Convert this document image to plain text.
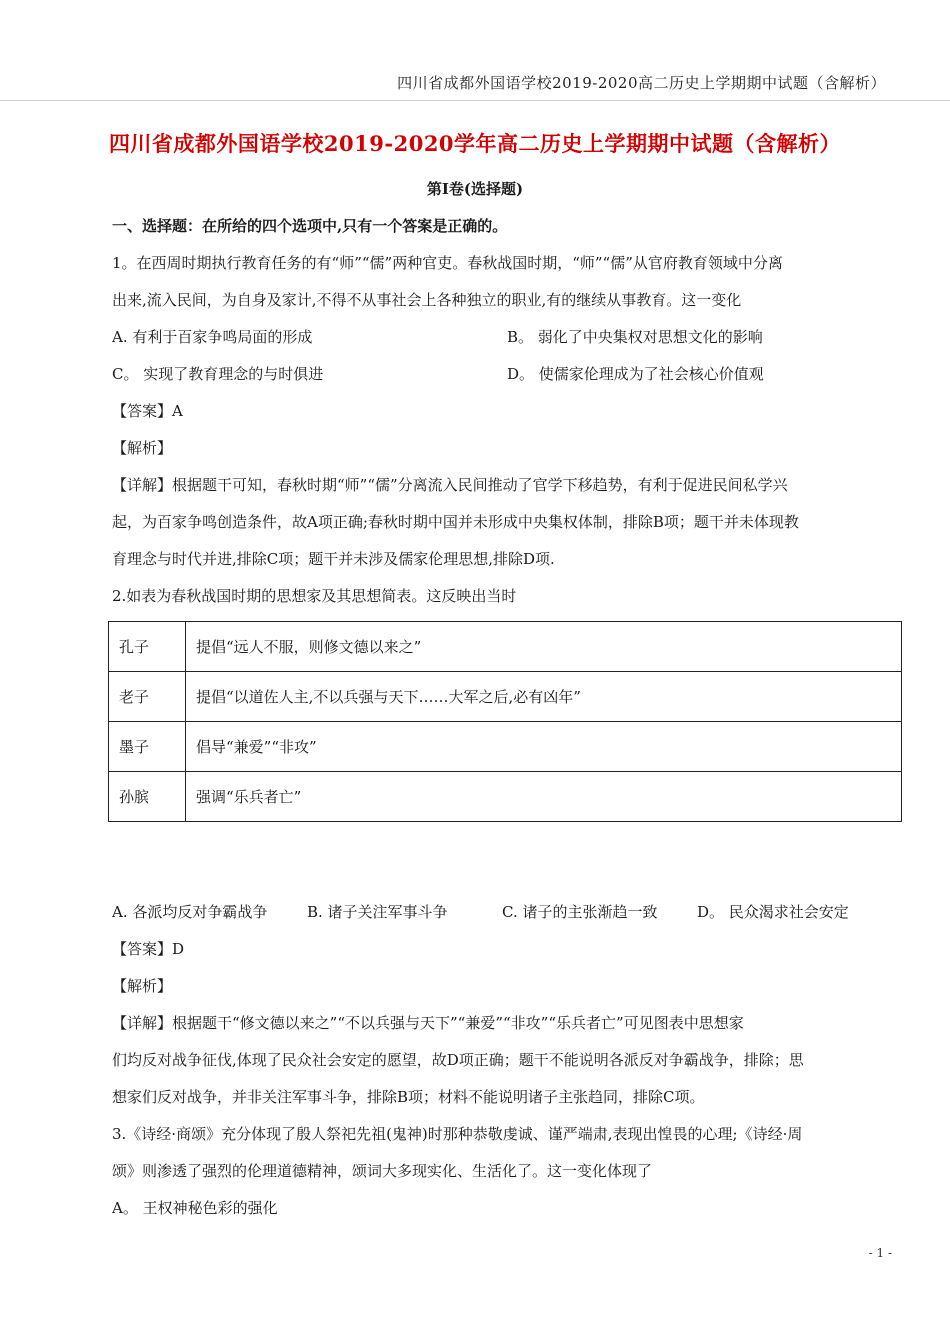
四川省成都外国语学校2019-2020高二历史上学期期中试题（含解析）
四川省成都外国语学校2019-2020学年高二历史上学期期中试题（含解析）
第Ⅰ卷(选择题)
一、选择题：在所给的四个选项中,只有一个答案是正确的。
1。在西周时期执行教育任务的有“师”“儒”两种官吏。春秋战国时期，“师”“儒”从官府教育领域中分离
出来,流入民间，为自身及家计,不得不从事社会上各种独立的职业,有的继续从事教育。这一变化
A. 有利于百家争鸣局面的形成	B。 弱化了中央集权对思想文化的影响
C。 实现了教育理念的与时俱进	D。 使儒家伦理成为了社会核心价值观
【答案】A
【解析】
【详解】根据题干可知，春秋时期“师”“儒”分离流入民间推动了官学下移趋势，有利于促进民间私学兴
起，为百家争鸣创造条件，故A项正确;春秋时期中国并未形成中央集权体制，排除B项；题干并未体现教
育理念与时代并进,排除C项；题干并未涉及儒家伦理思想,排除D项.
2.如表为春秋战国时期的思想家及其思想简表。这反映出当时
孔子	提倡“远人不服，则修文德以来之”
老子	提倡“以道佐人主,不以兵强与天下……大军之后,必有凶年”
墨子	倡导“兼爱”“非攻”
孙膑	强调“乐兵者亡”
A. 各派均反对争霸战争	B. 诸子关注军事斗争	C. 诸子的主张渐趋一致	D。 民众渴求社会安定
【答案】D
【解析】
【详解】根据题干“修文德以来之”“不以兵强与天下”“兼爱”“非攻”“乐兵者亡”可见图表中思想家
们均反对战争征伐,体现了民众社会安定的愿望，故D项正确；题干不能说明各派反对争霸战争，排除；思
想家们反对战争，并非关注军事斗争，排除B项；材料不能说明诸子主张趋同，排除C项。
3.《诗经·商颂》充分体现了殷人祭祀先祖(鬼神)时那种恭敬虔诚、谨严端肃,表现出惶畏的心理;《诗经·周
颂》则渗透了强烈的伦理道德精神，颂词大多现实化、生活化了。这一变化体现了
A。 王权神秘色彩的强化
- 1 -
